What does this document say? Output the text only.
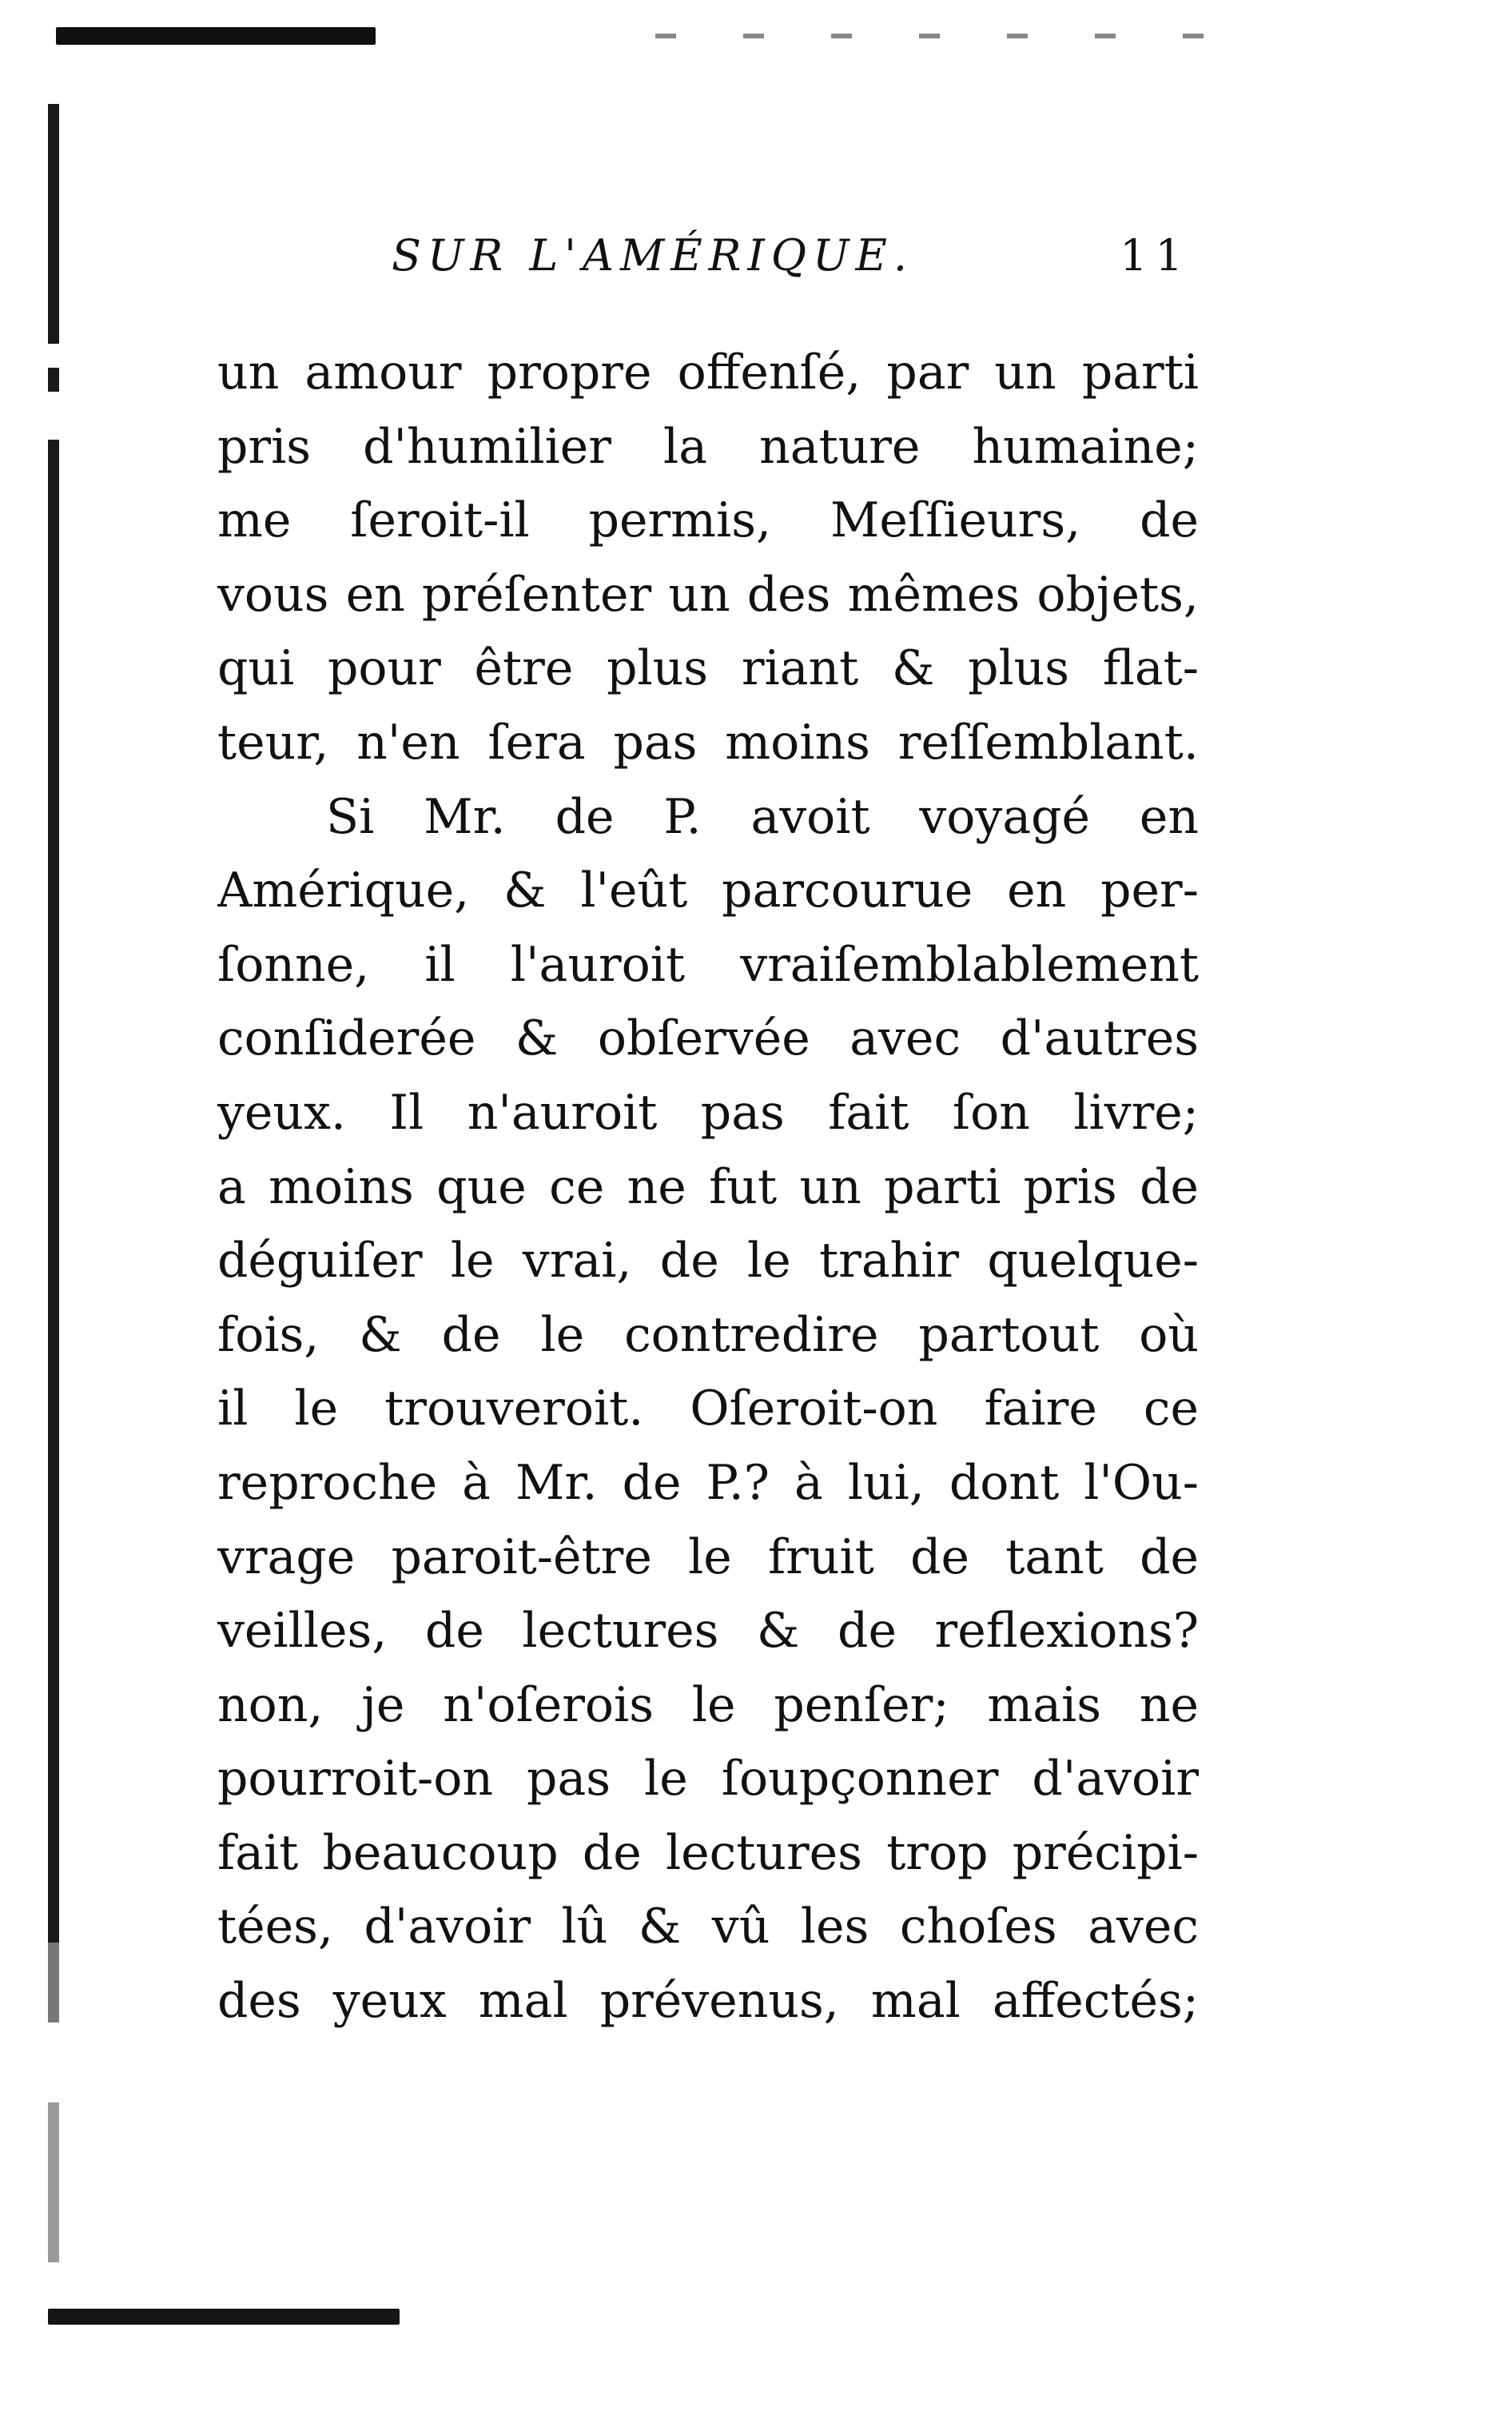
SUR L'AMÉRIQUE.	11
un amour propre offenſé, par un parti
pris d'humilier la nature humaine;
me ſeroit-il permis, Meſſieurs, de
vous en préſenter un des mêmes objets,
qui pour être plus riant & plus flat-
teur, n'en ſera pas moins reſſemblant.
Si Mr. de P. avoit voyagé en
Amérique, & l'eût parcourue en per-
ſonne, il l'auroit vraiſemblablement
conſiderée & obſervée avec d'autres
yeux. Il n'auroit pas fait ſon livre;
a moins que ce ne fut un parti pris de
déguiſer le vrai, de le trahir quelque-
fois, & de le contredire partout où
il le trouveroit. Oſeroit-on faire ce
reproche à Mr. de P.? à lui, dont l'Ou-
vrage paroit-être le fruit de tant de
veilles, de lectures & de reflexions?
non, je n'oſerois le penſer; mais ne
pourroit-on pas le ſoupçonner d'avoir
fait beaucoup de lectures trop précipi-
tées, d'avoir lû & vû les choſes avec
des yeux mal prévenus, mal affectés;
